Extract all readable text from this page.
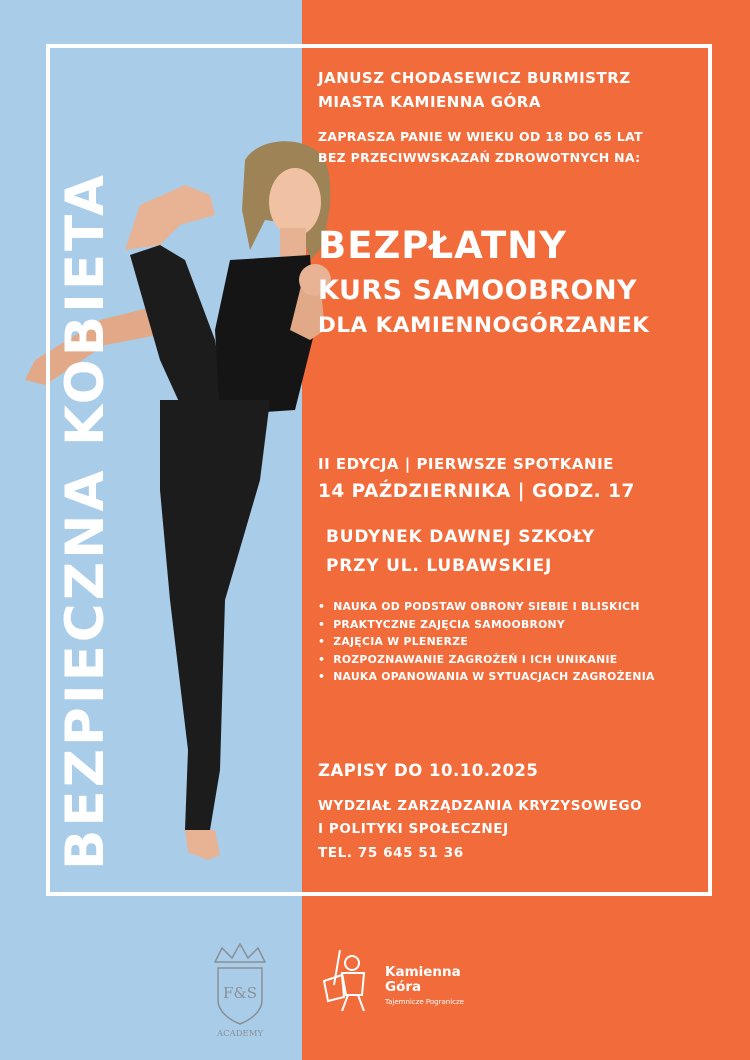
BEZPIECZNA KOBIETA
JANUSZ CHODASEWICZ BURMISTRZ
MIASTA KAMIENNA GÓRA
ZAPRASZA PANIE W WIEKU OD 18 DO 65 LAT
BEZ PRZECIWWSKAZAŃ ZDROWOTNYCH NA:
BEZPŁATNY
KURS SAMOOBRONY
DLA KAMIENNOGÓRZANEK
II EDYCJA | PIERWSZE SPOTKANIE
14 PAŹDZIERNIKA | GODZ. 17
BUDYNEK DAWNEJ SZKOŁY
PRZY UL. LUBAWSKIEJ
• NAUKA OD PODSTAW OBRONY SIEBIE I BLISKICH
• PRAKTYCZNE ZAJĘCIA SAMOOBRONY
• ZAJĘCIA W PLENERZE
• ROZPOZNAWANIE ZAGROŻEŃ I ICH UNIKANIE
• NAUKA OPANOWANIA W SYTUACJACH ZAGROŻENIA
ZAPISY DO 10.10.2025
WYDZIAŁ ZARZĄDZANIA KRYZYSOWEGO
I POLITYKI SPOŁECZNEJ
TEL. 75 645 51 36
F&S
ACADEMY
Kamienna
Góra
Tajemnicze Pogranicze
